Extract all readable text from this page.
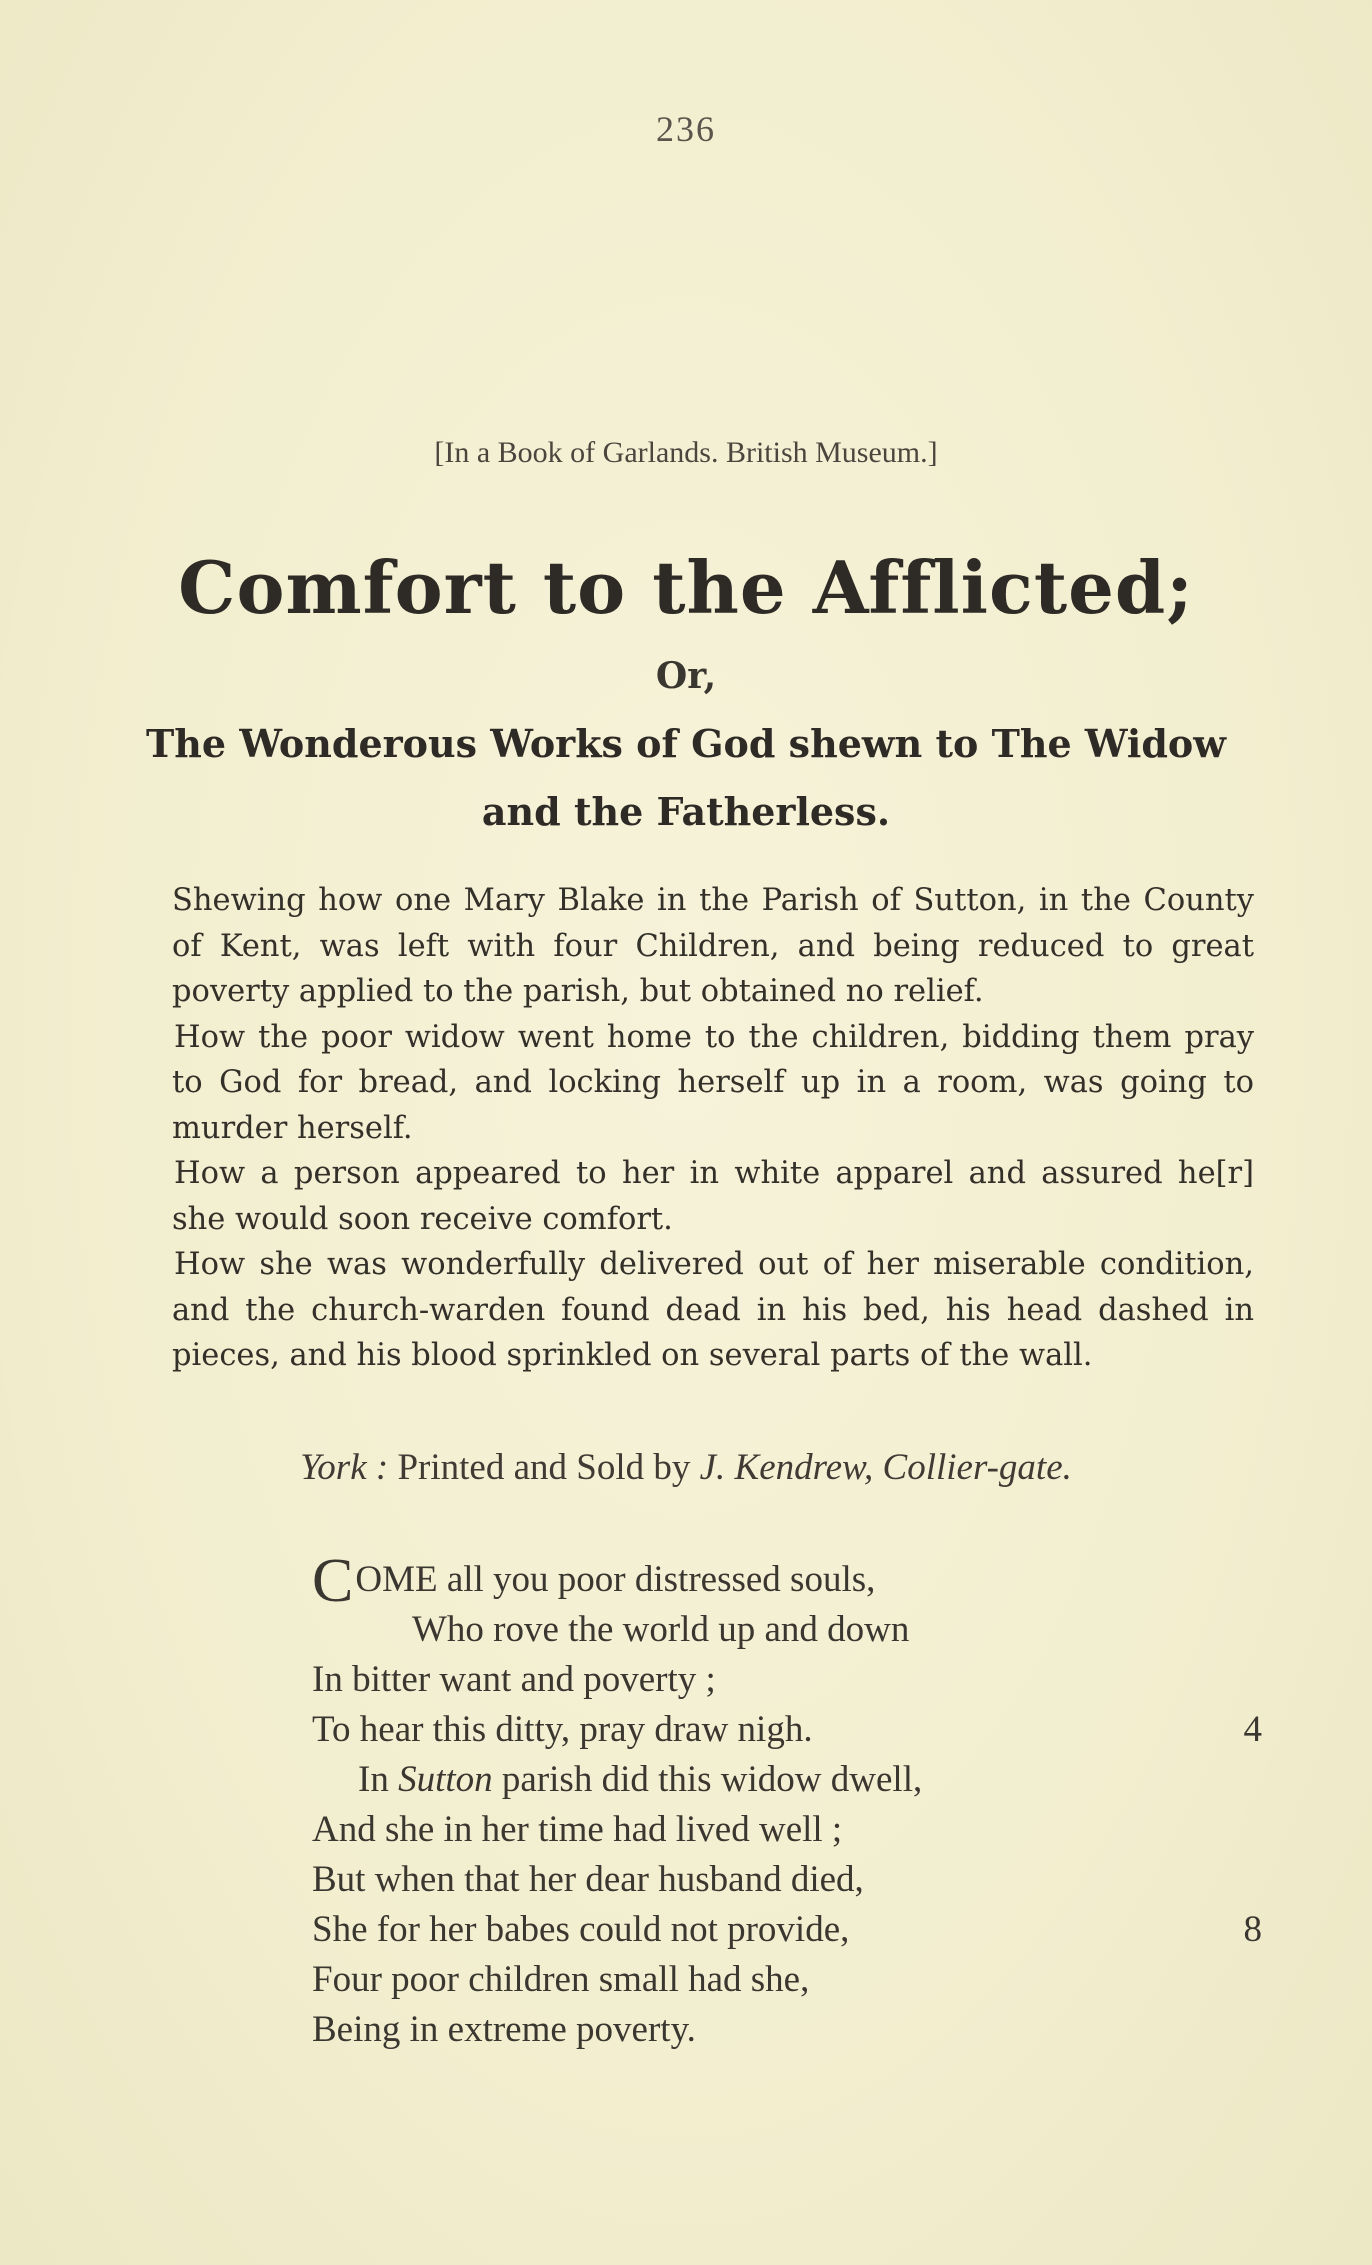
236
[In a Book of Garlands. British Museum.]
Comfort to the Afflicted;
Or,
The Wonderous Works of God shewn to The Widow
and the Fatherless.

Shewing how one Mary Blake in the Parish of Sutton, in the County of Kent, was left with four Children, and being reduced to great poverty applied to the parish, but obtained no relief.

How the poor widow went home to the children, bidding them pray to God for bread, and locking herself up in a room, was going to murder herself.

How a person appeared to her in white apparel and assured he[r] she would soon receive comfort.

How she was wonderfully delivered out of her miserable condition, and the church-warden found dead in his bed, his head dashed in pieces, and his blood sprinkled on several parts of the wall.

York : Printed and Sold by J. Kendrew, Collier-gate.
COME all you poor distressed souls,
Who rove the world up and down
In bitter want and poverty ;
To hear this ditty, pray draw nigh.	4
In Sutton parish did this widow dwell,
And she in her time had lived well ;
But when that her dear husband died,
She for her babes could not provide,	8
Four poor children small had she,
Being in extreme poverty.
